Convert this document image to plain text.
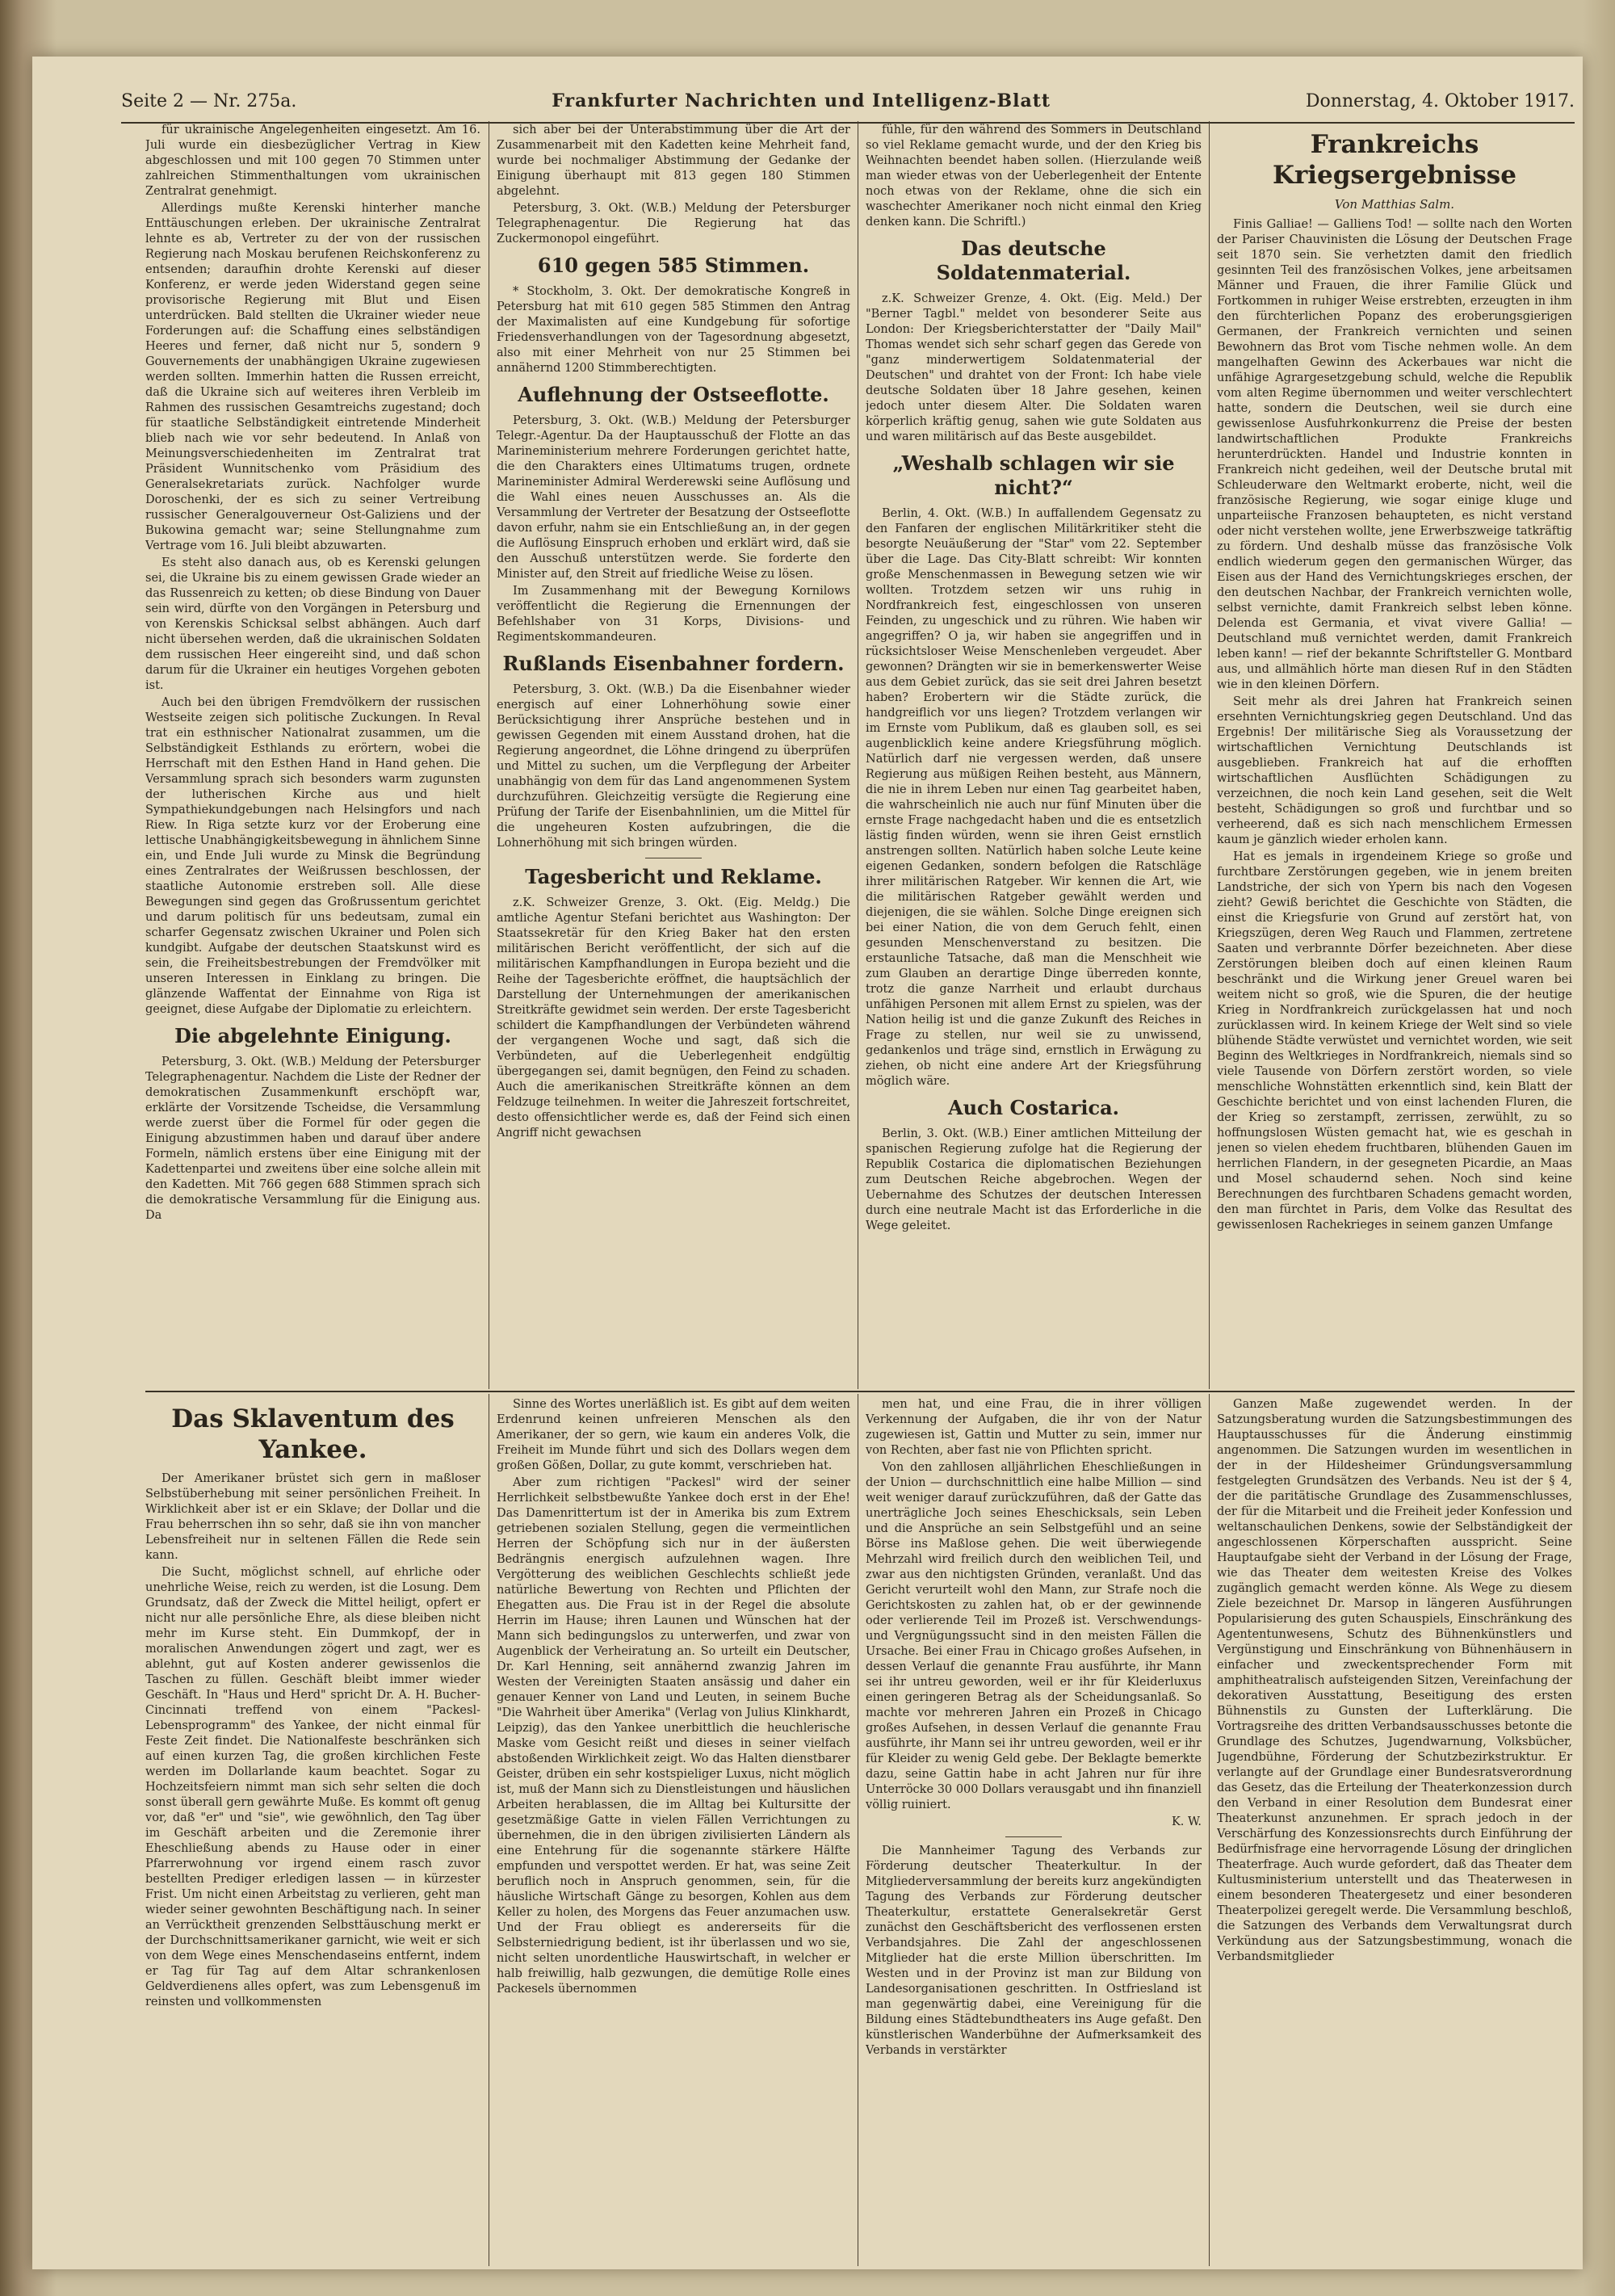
Seite 2 — Nr. 275a.	Frankfurter Nachrichten und Intelligenz-Blatt	Donnerstag, 4. Oktober 1917.

für ukrainische Angelegenheiten eingesetzt. Am 16. Juli wurde ein diesbezüglicher Vertrag in Kiew abgeschlossen und mit 100 gegen 70 Stimmen unter zahlreichen Stimmenthaltungen vom ukrainischen Zentralrat genehmigt.

Allerdings mußte Kerenski hinterher manche Enttäuschungen erleben. Der ukrainische Zentralrat lehnte es ab, Vertreter zu der von der russischen Regierung nach Moskau berufenen Reichskonferenz zu entsenden; daraufhin drohte Kerenski auf dieser Konferenz, er werde jeden Widerstand gegen seine provisorische Regierung mit Blut und Eisen unterdrücken. Bald stellten die Ukrainer wieder neue Forderungen auf: die Schaffung eines selbständigen Heeres und ferner, daß nicht nur 5, sondern 9 Gouvernements der unabhängigen Ukraine zugewiesen werden sollten. Immerhin hatten die Russen erreicht, daß die Ukraine sich auf weiteres ihren Verbleib im Rahmen des russischen Gesamtreichs zugestand; doch für staatliche Selbständigkeit eintretende Minderheit blieb nach wie vor sehr bedeutend. In Anlaß von Meinungsverschiedenheiten im Zentralrat trat Präsident Wunnitschenko vom Präsidium des Generalsekretariats zurück. Nachfolger wurde Doroschenki, der es sich zu seiner Vertreibung russischer Generalgouverneur Ost-Galiziens und der Bukowina gemacht war; seine Stellungnahme zum Vertrage vom 16. Juli bleibt abzuwarten.

Es steht also danach aus, ob es Kerenski gelungen sei, die Ukraine bis zu einem gewissen Grade wieder an das Russenreich zu ketten; ob diese Bindung von Dauer sein wird, dürfte von den Vorgängen in Petersburg und von Kerenskis Schicksal selbst abhängen. Auch darf nicht übersehen werden, daß die ukrainischen Soldaten dem russischen Heer eingereiht sind, und daß schon darum für die Ukrainer ein heutiges Vorgehen geboten ist.

Auch bei den übrigen Fremdvölkern der russischen Westseite zeigen sich politische Zuckungen. In Reval trat ein esthnischer Nationalrat zusammen, um die Selbständigkeit Esthlands zu erörtern, wobei die Herrschaft mit den Esthen Hand in Hand gehen. Die Versammlung sprach sich besonders warm zugunsten der lutherischen Kirche aus und hielt Sympathiekundgebungen nach Helsingfors und nach Riew. In Riga setzte kurz vor der Eroberung eine lettische Unabhängigkeitsbewegung in ähnlichem Sinne ein, und Ende Juli wurde zu Minsk die Begründung eines Zentralrates der Weißrussen beschlossen, der staatliche Autonomie erstreben soll. Alle diese Bewegungen sind gegen das Großrussentum gerichtet und darum politisch für uns bedeutsam, zumal ein scharfer Gegensatz zwischen Ukrainer und Polen sich kundgibt. Aufgabe der deutschen Staatskunst wird es sein, die Freiheitsbestrebungen der Fremdvölker mit unseren Interessen in Einklang zu bringen. Die glänzende Waffentat der Einnahme von Riga ist geeignet, diese Aufgabe der Diplomatie zu erleichtern.

Die abgelehnte Einigung.

Petersburg, 3. Okt. (W.B.) Meldung der Petersburger Telegraphenagentur. Nachdem die Liste der Redner der demokratischen Zusammenkunft erschöpft war, erklärte der Vorsitzende Tscheidse, die Versammlung werde zuerst über die Formel für oder gegen die Einigung abzustimmen haben und darauf über andere Formeln, nämlich erstens über eine Einigung mit der Kadettenpartei und zweitens über eine solche allein mit den Kadetten. Mit 766 gegen 688 Stimmen sprach sich die demokratische Versammlung für die Einigung aus. Da

sich aber bei der Unterabstimmung über die Art der Zusammenarbeit mit den Kadetten keine Mehrheit fand, wurde bei nochmaliger Abstimmung der Gedanke der Einigung überhaupt mit 813 gegen 180 Stimmen abgelehnt.

Petersburg, 3. Okt. (W.B.) Meldung der Petersburger Telegraphenagentur. Die Regierung hat das Zuckermonopol eingeführt.

610 gegen 585 Stimmen.

* Stockholm, 3. Okt. Der demokratische Kongreß in Petersburg hat mit 610 gegen 585 Stimmen den Antrag der Maximalisten auf eine Kundgebung für sofortige Friedensverhandlungen von der Tagesordnung abgesetzt, also mit einer Mehrheit von nur 25 Stimmen bei annähernd 1200 Stimmberechtigten.

Auflehnung der Ostseeflotte.

Petersburg, 3. Okt. (W.B.) Meldung der Petersburger Telegr.-Agentur. Da der Hauptausschuß der Flotte an das Marineministerium mehrere Forderungen gerichtet hatte, die den Charakters eines Ultimatums trugen, ordnete Marineminister Admiral Werderewski seine Auflösung und die Wahl eines neuen Ausschusses an. Als die Versammlung der Vertreter der Besatzung der Ostseeflotte davon erfuhr, nahm sie ein Entschließung an, in der gegen die Auflösung Einspruch erhoben und erklärt wird, daß sie den Ausschuß unterstützen werde. Sie forderte den Minister auf, den Streit auf friedliche Weise zu lösen.

Im Zusammenhang mit der Bewegung Kornilows veröffentlicht die Regierung die Ernennungen der Befehlshaber von 31 Korps, Divisions- und Regimentskommandeuren.

Rußlands Eisenbahner fordern.

Petersburg, 3. Okt. (W.B.) Da die Eisenbahner wieder energisch auf einer Lohnerhöhung sowie einer Berücksichtigung ihrer Ansprüche bestehen und in gewissen Gegenden mit einem Ausstand drohen, hat die Regierung angeordnet, die Löhne dringend zu überprüfen und Mittel zu suchen, um die Verpflegung der Arbeiter unabhängig von dem für das Land angenommenen System durchzuführen. Gleichzeitig versügte die Regierung eine Prüfung der Tarife der Eisenbahnlinien, um die Mittel für die ungeheuren Kosten aufzubringen, die die Lohnerhöhung mit sich bringen würden.

Tagesbericht und Reklame.

z.K. Schweizer Grenze, 3. Okt. (Eig. Meldg.) Die amtliche Agentur Stefani berichtet aus Washington: Der Staatssekretär für den Krieg Baker hat den ersten militärischen Bericht veröffentlicht, der sich auf die militärischen Kampfhandlungen in Europa bezieht und die Reihe der Tagesberichte eröffnet, die hauptsächlich der Darstellung der Unternehmungen der amerikanischen Streitkräfte gewidmet sein werden. Der erste Tagesbericht schildert die Kampfhandlungen der Verbündeten während der vergangenen Woche und sagt, daß sich die Verbündeten, auf die Ueberlegenheit endgültig übergegangen sei, damit begnügen, den Feind zu schaden. Auch die amerikanischen Streitkräfte können an dem Feldzuge teilnehmen. In weiter die Jahreszeit fortschreitet, desto offensichtlicher werde es, daß der Feind sich einen Angriff nicht gewachsen

fühle, für den während des Sommers in Deutschland so viel Reklame gemacht wurde, und der den Krieg bis Weihnachten beendet haben sollen. (Hierzulande weiß man wieder etwas von der Ueberlegenheit der Entente noch etwas von der Reklame, ohne die sich ein waschechter Amerikaner noch nicht einmal den Krieg denken kann. Die Schriftl.)

Das deutsche Soldatenmaterial.

z.K. Schweizer Grenze, 4. Okt. (Eig. Meld.) Der "Berner Tagbl." meldet von besonderer Seite aus London: Der Kriegsberichterstatter der "Daily Mail" Thomas wendet sich sehr scharf gegen das Gerede von "ganz minderwertigem Soldatenmaterial der Deutschen" und drahtet von der Front: Ich habe viele deutsche Soldaten über 18 Jahre gesehen, keinen jedoch unter diesem Alter. Die Soldaten waren körperlich kräftig genug, sahen wie gute Soldaten aus und waren militärisch auf das Beste ausgebildet.

„Weshalb schlagen wir sie nicht?“

Berlin, 4. Okt. (W.B.) In auffallendem Gegensatz zu den Fanfaren der englischen Militärkritiker steht die besorgte Neuäußerung der "Star" vom 22. September über die Lage. Das City-Blatt schreibt: Wir konnten große Menschenmassen in Bewegung setzen wie wir wollten. Trotzdem setzen wir uns ruhig in Nordfrankreich fest, eingeschlossen von unseren Feinden, zu ungeschick und zu rühren. Wie haben wir angegriffen? O ja, wir haben sie angegriffen und in rücksichtsloser Weise Menschenleben vergeudet. Aber gewonnen? Drängten wir sie in bemerkenswerter Weise aus dem Gebiet zurück, das sie seit drei Jahren besetzt haben? Erobertern wir die Städte zurück, die handgreiflich vor uns liegen? Trotzdem verlangen wir im Ernste vom Publikum, daß es glauben soll, es sei augenblicklich keine andere Kriegsführung möglich. Natürlich darf nie vergessen werden, daß unsere Regierung aus müßigen Reihen besteht, aus Männern, die nie in ihrem Leben nur einen Tag gearbeitet haben, die wahrscheinlich nie auch nur fünf Minuten über die ernste Frage nachgedacht haben und die es entsetzlich lästig finden würden, wenn sie ihren Geist ernstlich anstrengen sollten. Natürlich haben solche Leute keine eigenen Gedanken, sondern befolgen die Ratschläge ihrer militärischen Ratgeber. Wir kennen die Art, wie die militärischen Ratgeber gewählt werden und diejenigen, die sie wählen. Solche Dinge ereignen sich bei einer Nation, die von dem Geruch fehlt, einen gesunden Menschenverstand zu besitzen. Die erstaunliche Tatsache, daß man die Menschheit wie zum Glauben an derartige Dinge überreden konnte, trotz die ganze Narrheit und erlaubt durchaus unfähigen Personen mit allem Ernst zu spielen, was der Nation heilig ist und die ganze Zukunft des Reiches in Frage zu stellen, nur weil sie zu unwissend, gedankenlos und träge sind, ernstlich in Erwägung zu ziehen, ob nicht eine andere Art der Kriegsführung möglich wäre.

Auch Costarica.

Berlin, 3. Okt. (W.B.) Einer amtlichen Mitteilung der spanischen Regierung zufolge hat die Regierung der Republik Costarica die diplomatischen Beziehungen zum Deutschen Reiche abgebrochen. Wegen der Uebernahme des Schutzes der deutschen Interessen durch eine neutrale Macht ist das Erforderliche in die Wege geleitet.

Frankreichs Kriegsergebnisse
Von Matthias Salm.

Finis Galliae! — Galliens Tod! — sollte nach den Worten der Pariser Chauvinisten die Lösung der Deutschen Frage seit 1870 sein. Sie verhetzten damit den friedlich gesinnten Teil des französischen Volkes, jene arbeitsamen Männer und Frauen, die ihrer Familie Glück und Fortkommen in ruhiger Weise erstrebten, erzeugten in ihm den fürchterlichen Popanz des eroberungsgierigen Germanen, der Frankreich vernichten und seinen Bewohnern das Brot vom Tische nehmen wolle. An dem mangelhaften Gewinn des Ackerbaues war nicht die unfähige Agrargesetzgebung schuld, welche die Republik vom alten Regime übernommen und weiter verschlechtert hatte, sondern die Deutschen, weil sie durch eine gewissenlose Ausfuhrkonkurrenz die Preise der besten landwirtschaftlichen Produkte Frankreichs herunterdrückten. Handel und Industrie konnten in Frankreich nicht gedeihen, weil der Deutsche brutal mit Schleuderware den Weltmarkt eroberte, nicht, weil die französische Regierung, wie sogar einige kluge und unparteiische Franzosen behaupteten, es nicht verstand oder nicht verstehen wollte, jene Erwerbszweige tatkräftig zu fördern. Und deshalb müsse das französische Volk endlich wiederum gegen den germanischen Würger, das Eisen aus der Hand des Vernichtungskrieges erschen, der den deutschen Nachbar, der Frankreich vernichten wolle, selbst vernichte, damit Frankreich selbst leben könne. Delenda est Germania, et vivat vivere Gallia! — Deutschland muß vernichtet werden, damit Frankreich leben kann! — rief der bekannte Schriftsteller G. Montbard aus, und allmählich hörte man diesen Ruf in den Städten wie in den kleinen Dörfern.

Seit mehr als drei Jahren hat Frankreich seinen ersehnten Vernichtungskrieg gegen Deutschland. Und das Ergebnis! Der militärische Sieg als Voraussetzung der wirtschaftlichen Vernichtung Deutschlands ist ausgeblieben. Frankreich hat auf die erhofften wirtschaftlichen Ausflüchten Schädigungen zu verzeichnen, die noch kein Land gesehen, seit die Welt besteht, Schädigungen so groß und furchtbar und so verheerend, daß es sich nach menschlichem Ermessen kaum je gänzlich wieder erholen kann.

Hat es jemals in irgendeinem Kriege so große und furchtbare Zerstörungen gegeben, wie in jenem breiten Landstriche, der sich von Ypern bis nach den Vogesen zieht? Gewiß berichtet die Geschichte von Städten, die einst die Kriegsfurie von Grund auf zerstört hat, von Kriegszügen, deren Weg Rauch und Flammen, zertretene Saaten und verbrannte Dörfer bezeichneten. Aber diese Zerstörungen bleiben doch auf einen kleinen Raum beschränkt und die Wirkung jener Greuel waren bei weitem nicht so groß, wie die Spuren, die der heutige Krieg in Nordfrankreich zurückgelassen hat und noch zurücklassen wird. In keinem Kriege der Welt sind so viele blühende Städte verwüstet und vernichtet worden, wie seit Beginn des Weltkrieges in Nordfrankreich, niemals sind so viele Tausende von Dörfern zerstört worden, so viele menschliche Wohnstätten erkenntlich sind, kein Blatt der Geschichte berichtet und von einst lachenden Fluren, die der Krieg so zerstampft, zerrissen, zerwühlt, zu so hoffnungslosen Wüsten gemacht hat, wie es geschah in jenen so vielen ehedem fruchtbaren, blühenden Gauen im herrlichen Flandern, in der gesegneten Picardie, an Maas und Mosel schaudernd sehen. Noch sind keine Berechnungen des furchtbaren Schadens gemacht worden, den man fürchtet in Paris, dem Volke das Resultat des gewissenlosen Rachekrieges in seinem ganzen Umfange

Das Sklaventum des Yankee.

Der Amerikaner brüstet sich gern in maßloser Selbstüberhebung mit seiner persönlichen Freiheit. In Wirklichkeit aber ist er ein Sklave; der Dollar und die Frau beherrschen ihn so sehr, daß sie ihn von mancher Lebensfreiheit nur in seltenen Fällen die Rede sein kann.

Die Sucht, möglichst schnell, auf ehrliche oder unehrliche Weise, reich zu werden, ist die Losung. Dem Grundsatz, daß der Zweck die Mittel heiligt, opfert er nicht nur alle persönliche Ehre, als diese bleiben nicht mehr im Kurse steht. Ein Dummkopf, der in moralischen Anwendungen zögert und zagt, wer es ablehnt, gut auf Kosten anderer gewissenlos die Taschen zu füllen. Geschäft bleibt immer wieder Geschäft. In "Haus und Herd" spricht Dr. A. H. Bucher-Cincinnati treffend von einem "Packesl-Lebensprogramm" des Yankee, der nicht einmal für Feste Zeit findet. Die Nationalfeste beschränken sich auf einen kurzen Tag, die großen kirchlichen Feste werden im Dollarlande kaum beachtet. Sogar zu Hochzeitsfeiern nimmt man sich sehr selten die doch sonst überall gern gewährte Muße. Es kommt oft genug vor, daß "er" und "sie", wie gewöhnlich, den Tag über im Geschäft arbeiten und die Zeremonie ihrer Eheschließung abends zu Hause oder in einer Pfarrerwohnung vor irgend einem rasch zuvor bestellten Prediger erledigen lassen — in kürzester Frist. Um nicht einen Arbeitstag zu verlieren, geht man wieder seiner gewohnten Beschäftigung nach. In seiner an Verrücktheit grenzenden Selbsttäuschung merkt er der Durchschnittsamerikaner garnicht, wie weit er sich von dem Wege eines Menschendaseins entfernt, indem er Tag für Tag auf dem Altar schrankenlosen Geldverdienens alles opfert, was zum Lebensgenuß im reinsten und vollkommensten

Sinne des Wortes unerläßlich ist. Es gibt auf dem weiten Erdenrund keinen unfreieren Menschen als den Amerikaner, der so gern, wie kaum ein anderes Volk, die Freiheit im Munde führt und sich des Dollars wegen dem großen Gößen, Dollar, zu gute kommt, verschrieben hat.

Aber zum richtigen "Packesl" wird der seiner Herrlichkeit selbstbewußte Yankee doch erst in der Ehe! Das Damenrittertum ist der in Amerika bis zum Extrem getriebenen sozialen Stellung, gegen die vermeintlichen Herren der Schöpfung sich nur in der äußersten Bedrängnis energisch aufzulehnen wagen. Ihre Vergötterung des weiblichen Geschlechts schließt jede natürliche Bewertung von Rechten und Pflichten der Ehegatten aus. Die Frau ist in der Regel die absolute Herrin im Hause; ihren Launen und Wünschen hat der Mann sich bedingungslos zu unterwerfen, und zwar von Augenblick der Verheiratung an. So urteilt ein Deutscher, Dr. Karl Henning, seit annähernd zwanzig Jahren im Westen der Vereinigten Staaten ansässig und daher ein genauer Kenner von Land und Leuten, in seinem Buche "Die Wahrheit über Amerika" (Verlag von Julius Klinkhardt, Leipzig), das den Yankee unerbittlich die heuchlerische Maske vom Gesicht reißt und dieses in seiner vielfach abstoßenden Wirklichkeit zeigt. Wo das Halten dienstbarer Geister, drüben ein sehr kostspieliger Luxus, nicht möglich ist, muß der Mann sich zu Dienstleistungen und häuslichen Arbeiten herablassen, die im Alltag bei Kultursitte der gesetzmäßige Gatte in vielen Fällen Verrichtungen zu übernehmen, die in den übrigen zivilisierten Ländern als eine Entehrung für die sogenannte stärkere Hälfte empfunden und verspottet werden. Er hat, was seine Zeit beruflich noch in Anspruch genommen, sein, für die häusliche Wirtschaft Gänge zu besorgen, Kohlen aus dem Keller zu holen, des Morgens das Feuer anzumachen usw. Und der Frau obliegt es andererseits für die Selbsterniedrigung bedient, ist ihr überlassen und wo sie, nicht selten unordentliche Hauswirtschaft, in welcher er halb freiwillig, halb gezwungen, die demütige Rolle eines Packesels übernommen

men hat, und eine Frau, die in ihrer völligen Verkennung der Aufgaben, die ihr von der Natur zugewiesen ist, Gattin und Mutter zu sein, immer nur von Rechten, aber fast nie von Pflichten spricht.

Von den zahllosen alljährlichen Eheschließungen in der Union — durchschnittlich eine halbe Million — sind weit weniger darauf zurückzuführen, daß der Gatte das unerträgliche Joch seines Eheschicksals, sein Leben und die Ansprüche an sein Selbstgefühl und an seine Börse ins Maßlose gehen. Die weit überwiegende Mehrzahl wird freilich durch den weiblichen Teil, und zwar aus den nichtigsten Gründen, veranlaßt. Und das Gericht verurteilt wohl den Mann, zur Strafe noch die Gerichtskosten zu zahlen hat, ob er der gewinnende oder verlierende Teil im Prozeß ist. Verschwendungs- und Vergnügungssucht sind in den meisten Fällen die Ursache. Bei einer Frau in Chicago großes Aufsehen, in dessen Verlauf die genannte Frau ausführte, ihr Mann sei ihr untreu geworden, weil er ihr für Kleiderluxus einen geringeren Betrag als der Scheidungsanlaß. So machte vor mehreren Jahren ein Prozeß in Chicago großes Aufsehen, in dessen Verlauf die genannte Frau ausführte, ihr Mann sei ihr untreu geworden, weil er ihr für Kleider zu wenig Geld gebe. Der Beklagte bemerkte dazu, seine Gattin habe in acht Jahren nur für ihre Unterröcke 30 000 Dollars verausgabt und ihn finanziell völlig ruiniert.

K. W.

Die Mannheimer Tagung des Verbands zur Förderung deutscher Theaterkultur. In der Mitgliederversammlung der bereits kurz angekündigten Tagung des Verbands zur Förderung deutscher Theaterkultur, erstattete Generalsekretär Gerst zunächst den Geschäftsbericht des verflossenen ersten Verbandsjahres. Die Zahl der angeschlossenen Mitglieder hat die erste Million überschritten. Im Westen und in der Provinz ist man zur Bildung von Landesorganisationen geschritten. In Ostfriesland ist man gegenwärtig dabei, eine Vereinigung für die Bildung eines Städtebundtheaters ins Auge gefaßt. Den künstlerischen Wanderbühne der Aufmerksamkeit des Verbands in verstärkter

Ganzen Maße zugewendet werden. In der Satzungsberatung wurden die Satzungsbestimmungen des Hauptausschusses für die Änderung einstimmig angenommen. Die Satzungen wurden im wesentlichen in der in der Hildesheimer Gründungsversammlung festgelegten Grundsätzen des Verbands. Neu ist der § 4, der die paritätische Grundlage des Zusammenschlusses, der für die Mitarbeit und die Freiheit jeder Konfession und weltanschaulichen Denkens, sowie der Selbständigkeit der angeschlossenen Körperschaften ausspricht. Seine Hauptaufgabe sieht der Verband in der Lösung der Frage, wie das Theater dem weitesten Kreise des Volkes zugänglich gemacht werden könne. Als Wege zu diesem Ziele bezeichnet Dr. Marsop in längeren Ausführungen Popularisierung des guten Schauspiels, Einschränkung des Agententunwesens, Schutz des Bühnenkünstlers und Vergünstigung und Einschränkung von Bühnenhäusern in einfacher und zweckentsprechender Form mit amphitheatralisch aufsteigenden Sitzen, Vereinfachung der dekorativen Ausstattung, Beseitigung des ersten Bühnenstils zu Gunsten der Lufterklärung. Die Vortragsreihe des dritten Verbandsausschusses betonte die Grundlage des Schutzes, Jugendwarnung, Volksbücher, Jugendbühne, Förderung der Schutzbezirkstruktur. Er verlangte auf der Grundlage einer Bundesratsverordnung das Gesetz, das die Erteilung der Theaterkonzession durch den Verband in einer Resolution dem Bundesrat einer Theaterkunst anzunehmen. Er sprach jedoch in der Verschärfung des Konzessionsrechts durch Einführung der Bedürfnisfrage eine hervorragende Lösung der dringlichen Theaterfrage. Auch wurde gefordert, daß das Theater dem Kultusministerium unterstellt und das Theaterwesen in einem besonderen Theatergesetz und einer besonderen Theaterpolizei geregelt werde. Die Versammlung beschloß, die Satzungen des Verbands dem Verwaltungsrat durch Verkündung aus der Satzungsbestimmung, wonach die Verbandsmitglieder
